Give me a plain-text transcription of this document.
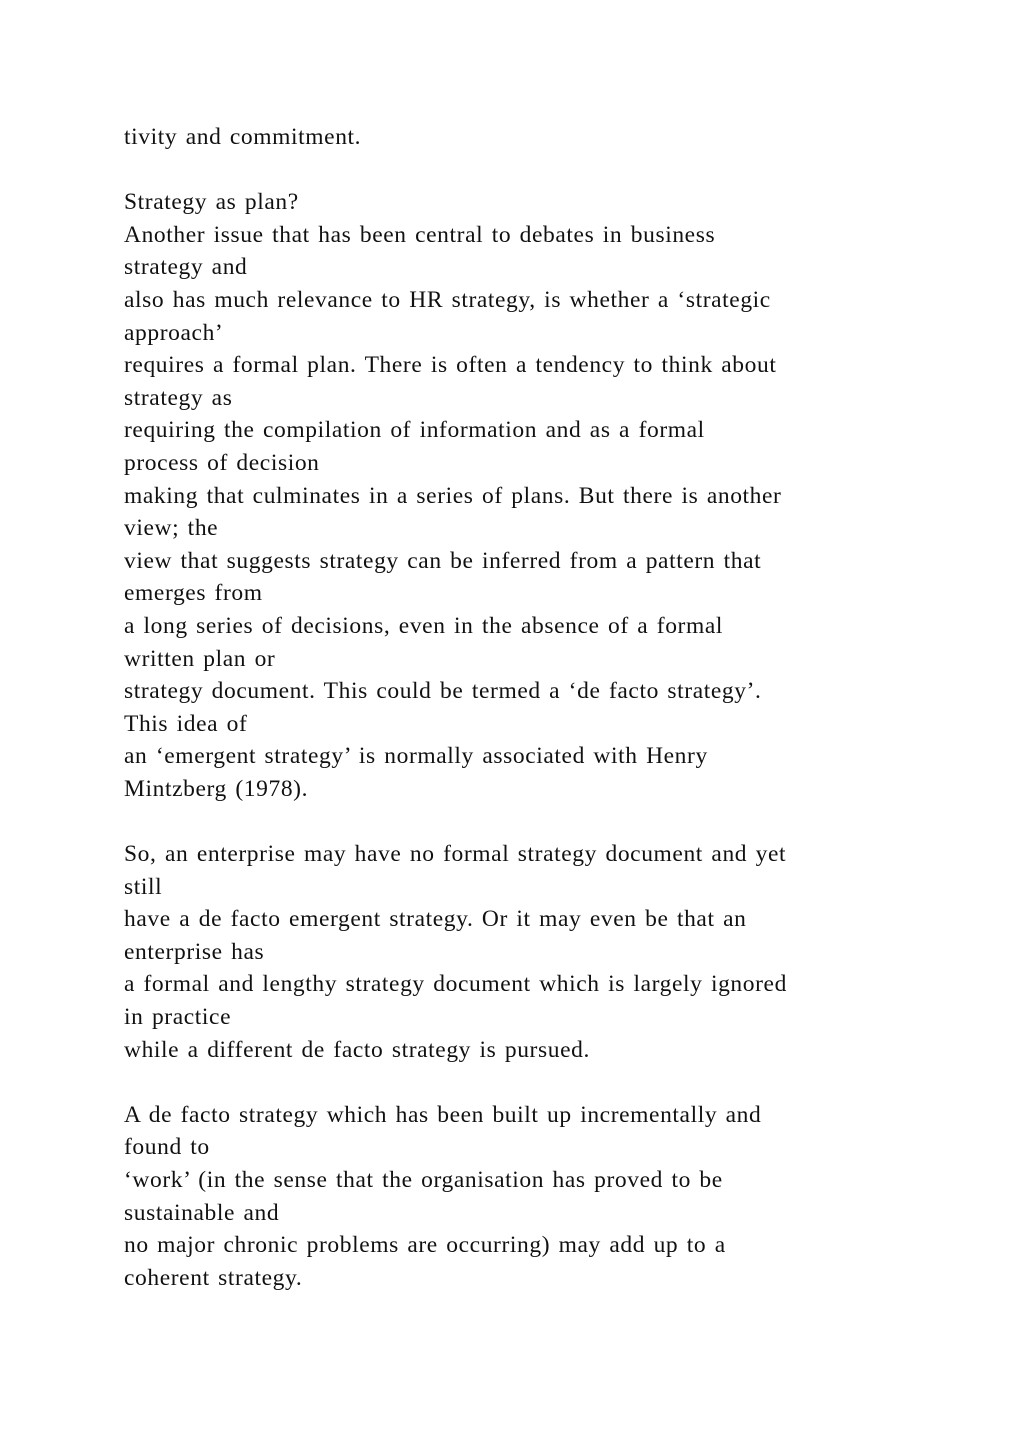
tivity and commitment.
Strategy as plan?
Another issue that has been central to debates in business
strategy and
also has much relevance to HR strategy, is whether a ‘strategic
approach’
requires a formal plan. There is often a tendency to think about
strategy as
requiring the compilation of information and as a formal
process of decision
making that culminates in a series of plans. But there is another
view; the
view that suggests strategy can be inferred from a pattern that
emerges from
a long series of decisions, even in the absence of a formal
written plan or
strategy document. This could be termed a ‘de facto strategy’.
This idea of
an ‘emergent strategy’ is normally associated with Henry
Mintzberg (1978).
So, an enterprise may have no formal strategy document and yet
still
have a de facto emergent strategy. Or it may even be that an
enterprise has
a formal and lengthy strategy document which is largely ignored
in practice
while a different de facto strategy is pursued.
A de facto strategy which has been built up incrementally and
found to
‘work’ (in the sense that the organisation has proved to be
sustainable and
no major chronic problems are occurring) may add up to a
coherent strategy.
